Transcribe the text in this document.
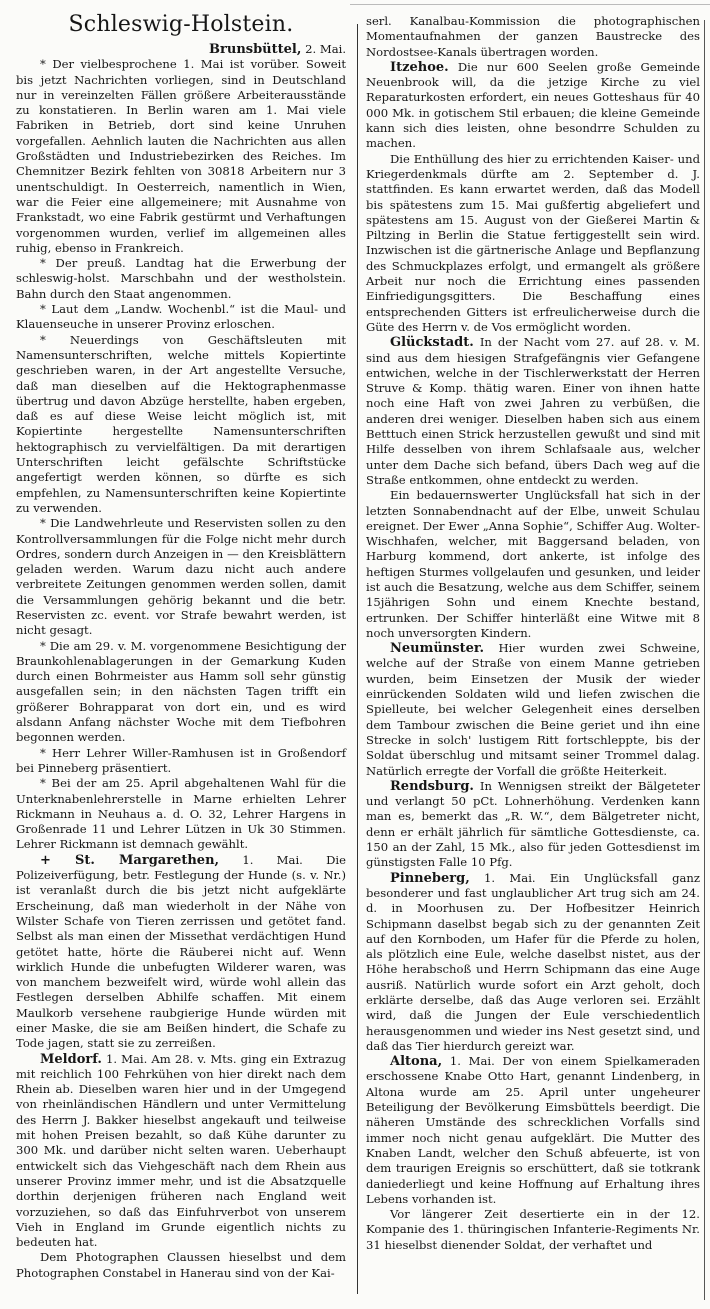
Schleswig-Holstein.

Brunsbüttel, 2. Mai.

* Der vielbesprochene 1. Mai ist vorüber. Soweit bis jetzt Nachrichten vorliegen, sind in Deutschland nur in vereinzelten Fällen größere Arbeiterausstände zu konstatieren. In Berlin waren am 1. Mai viele Fabriken in Betrieb, dort sind keine Unruhen vorgefallen. Aehnlich lauten die Nachrichten aus allen Großstädten und Industriebezirken des Reiches. Im Chemnitzer Bezirk fehlten von 30818 Arbeitern nur 3 unentschuldigt. In Oesterreich, namentlich in Wien, war die Feier eine allgemeinere; mit Ausnahme von Frankstadt, wo eine Fabrik gestürmt und Verhaftungen vorgenommen wurden, verlief im allgemeinen alles ruhig, ebenso in Frankreich.

* Der preuß. Landtag hat die Erwerbung der schleswig-holst. Marschbahn und der westholstein. Bahn durch den Staat angenommen.

* Laut dem „Landw. Wochenbl.“ ist die Maul- und Klauenseuche in unserer Provinz erloschen.

* Neuerdings von Geschäftsleuten mit Namensunterschriften, welche mittels Kopiertinte geschrieben waren, in der Art angestellte Versuche, daß man dieselben auf die Hektographenmasse übertrug und davon Abzüge herstellte, haben ergeben, daß es auf diese Weise leicht möglich ist, mit Kopiertinte hergestellte Namensunterschriften hektographisch zu vervielfältigen. Da mit derartigen Unterschriften leicht gefälschte Schriftstücke angefertigt werden können, so dürfte es sich empfehlen, zu Namensunterschriften keine Kopiertinte zu verwenden.

* Die Landwehrleute und Reservisten sollen zu den Kontrollversammlungen für die Folge nicht mehr durch Ordres, sondern durch Anzeigen in — den Kreisblättern geladen werden. Warum dazu nicht auch andere verbreitete Zeitungen genommen werden sollen, damit die Versammlungen gehörig bekannt und die betr. Reservisten zc. event. vor Strafe bewahrt werden, ist nicht gesagt.

* Die am 29. v. M. vorgenommene Besichtigung der Braunkohlenablagerungen in der Gemarkung Kuden durch einen Bohrmeister aus Hamm soll sehr günstig ausgefallen sein; in den nächsten Tagen trifft ein größerer Bohrapparat von dort ein, und es wird alsdann Anfang nächster Woche mit dem Tiefbohren begonnen werden.

* Herr Lehrer Willer-Ramhusen ist in Großendorf bei Pinneberg präsentiert.

* Bei der am 25. April abgehaltenen Wahl für die Unterknabenlehrerstelle in Marne erhielten Lehrer Rickmann in Neuhaus a. d. O. 32, Lehrer Hargens in Großenrade 11 und Lehrer Lützen in Uk 30 Stimmen. Lehrer Rickmann ist demnach gewählt.

+ St. Margarethen, 1. Mai. Die Polizeiverfügung, betr. Festlegung der Hunde (s. v. Nr.) ist veranlaßt durch die bis jetzt nicht aufgeklärte Erscheinung, daß man wiederholt in der Nähe von Wilster Schafe von Tieren zerrissen und getötet fand. Selbst als man einen der Missethat verdächtigen Hund getötet hatte, hörte die Räuberei nicht auf. Wenn wirklich Hunde die unbefugten Wilderer waren, was von manchem bezweifelt wird, würde wohl allein das Festlegen derselben Abhilfe schaffen. Mit einem Maulkorb versehene raubgierige Hunde würden mit einer Maske, die sie am Beißen hindert, die Schafe zu Tode jagen, statt sie zu zerreißen.

Meldorf. 1. Mai. Am 28. v. Mts. ging ein Extrazug mit reichlich 100 Fehrkühen von hier direkt nach dem Rhein ab. Dieselben waren hier und in der Umgegend von rheinländischen Händlern und unter Vermittelung des Herrn J. Bakker hieselbst angekauft und teilweise mit hohen Preisen bezahlt, so daß Kühe darunter zu 300 Mk. und darüber nicht selten waren. Ueberhaupt entwickelt sich das Viehgeschäft nach dem Rhein aus unserer Provinz immer mehr, und ist die Absatzquelle dorthin derjenigen früheren nach England weit vorzuziehen, so daß das Einfuhrverbot von unserem Vieh in England im Grunde eigentlich nichts zu bedeuten hat.

Dem Photographen Claussen hieselbst und dem Photographen Constabel in Hanerau sind von der Kai-

serl. Kanalbau-Kommission die photographischen Momentaufnahmen der ganzen Baustrecke des Nordostsee-Kanals übertragen worden.

Itzehoe. Die nur 600 Seelen große Gemeinde Neuenbrook will, da die jetzige Kirche zu viel Reparaturkosten erfordert, ein neues Gotteshaus für 40 000 Mk. in gotischem Stil erbauen; die kleine Gemeinde kann sich dies leisten, ohne besondrre Schulden zu machen.

Die Enthüllung des hier zu errichtenden Kaiser- und Kriegerdenkmals dürfte am 2. September d. J. stattfinden. Es kann erwartet werden, daß das Modell bis spätestens zum 15. Mai gußfertig abgeliefert und spätestens am 15. August von der Gießerei Martin & Piltzing in Berlin die Statue fertiggestellt sein wird. Inzwischen ist die gärtnerische Anlage und Bepflanzung des Schmuckplazes erfolgt, und ermangelt als größere Arbeit nur noch die Errichtung eines passenden Einfriedigungsgitters. Die Beschaffung eines entsprechenden Gitters ist erfreulicherweise durch die Güte des Herrn v. de Vos ermöglicht worden.

Glückstadt. In der Nacht vom 27. auf 28. v. M. sind aus dem hiesigen Strafgefängnis vier Gefangene entwichen, welche in der Tischlerwerkstatt der Herren Struve & Komp. thätig waren. Einer von ihnen hatte noch eine Haft von zwei Jahren zu verbüßen, die anderen drei weniger. Dieselben haben sich aus einem Betttuch einen Strick herzustellen gewußt und sind mit Hilfe desselben von ihrem Schlafsaale aus, welcher unter dem Dache sich befand, übers Dach weg auf die Straße entkommen, ohne entdeckt zu werden.

Ein bedauernswerter Unglücksfall hat sich in der letzten Sonnabendnacht auf der Elbe, unweit Schulau ereignet. Der Ewer „Anna Sophie“, Schiffer Aug. Wolter-Wischhafen, welcher, mit Baggersand beladen, von Harburg kommend, dort ankerte, ist infolge des heftigen Sturmes vollgelaufen und gesunken, und leider ist auch die Besatzung, welche aus dem Schiffer, seinem 15jährigen Sohn und einem Knechte bestand, ertrunken. Der Schiffer hinterläßt eine Witwe mit 8 noch unversorgten Kindern.

Neumünster. Hier wurden zwei Schweine, welche auf der Straße von einem Manne getrieben wurden, beim Einsetzen der Musik der wieder einrückenden Soldaten wild und liefen zwischen die Spielleute, bei welcher Gelegenheit eines derselben dem Tambour zwischen die Beine geriet und ihn eine Strecke in solch' lustigem Ritt fortschleppte, bis der Soldat überschlug und mitsamt seiner Trommel dalag. Natürlich erregte der Vorfall die größte Heiterkeit.

Rendsburg. In Wennigsen streikt der Bälgeteter und verlangt 50 pCt. Lohnerhöhung. Verdenken kann man es, bemerkt das „R. W.“, dem Bälgetreter nicht, denn er erhält jährlich für sämtliche Gottesdienste, ca. 150 an der Zahl, 15 Mk., also für jeden Gottesdienst im günstigsten Falle 10 Pfg.

Pinneberg, 1. Mai. Ein Unglücksfall ganz besonderer und fast unglaublicher Art trug sich am 24. d. in Moorhusen zu. Der Hofbesitzer Heinrich Schipmann daselbst begab sich zu der genannten Zeit auf den Kornboden, um Hafer für die Pferde zu holen, als plötzlich eine Eule, welche daselbst nistet, aus der Höhe herabschoß und Herrn Schipmann das eine Auge ausriß. Natürlich wurde sofort ein Arzt geholt, doch erklärte derselbe, daß das Auge verloren sei. Erzählt wird, daß die Jungen der Eule verschiedentlich herausgenommen und wieder ins Nest gesetzt sind, und daß das Tier hierdurch gereizt war.

Altona, 1. Mai. Der von einem Spielkameraden erschossene Knabe Otto Hart, genannt Lindenberg, in Altona wurde am 25. April unter ungeheurer Beteiligung der Bevölkerung Eimsbüttels beerdigt. Die näheren Umstände des schrecklichen Vorfalls sind immer noch nicht genau aufgeklärt. Die Mutter des Knaben Landt, welcher den Schuß abfeuerte, ist von dem traurigen Ereignis so erschüttert, daß sie totkrank daniederliegt und keine Hoffnung auf Erhaltung ihres Lebens vorhanden ist.

Vor längerer Zeit desertierte ein in der 12. Kompanie des 1. thüringischen Infanterie-Regiments Nr. 31 hieselbst dienender Soldat, der verhaftet und
